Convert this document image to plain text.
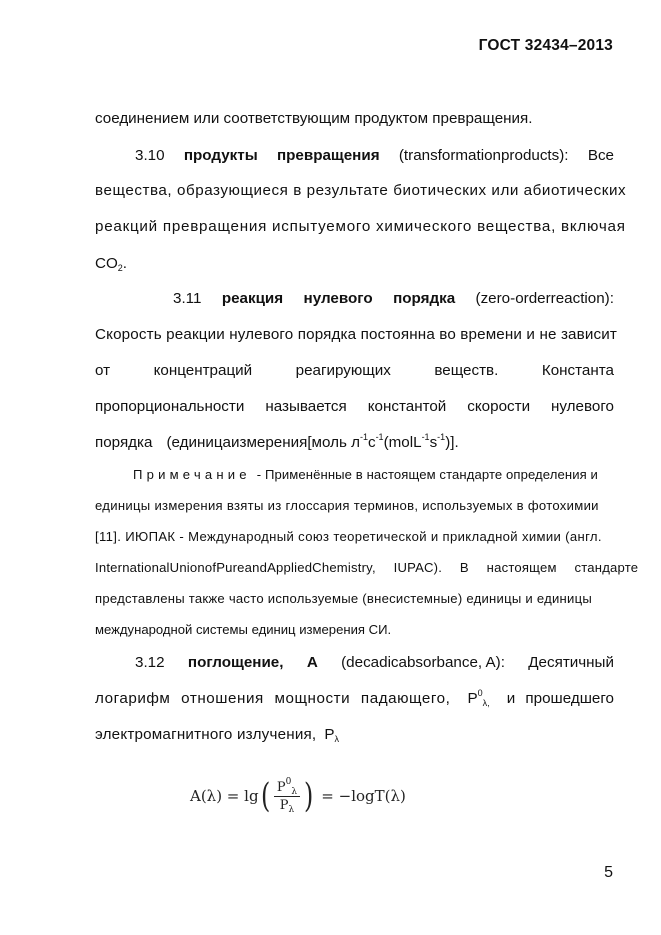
ГОСТ 32434–2013
соединением или соответствующим продуктом превращения.
3.10 продукты превращения (transformationproducts): Все
вещества, образующиеся в результате биотических или абиотических
реакций превращения испытуемого химического вещества, включая
$CO_2$.
3.11 реакция нулевого порядка (zero-orderreaction):
Скорость реакции нулевого порядка постоянна во времени и не зависит
от	концентраций	реагирующих	веществ.	Константа
пропорциональности называется константой скорости нулевого
порядка (единицаизмерения[моль $л^{-1}с^{-1}(molL^{-1}s^{-1})$].
Примечание - Применённые в настоящем стандарте определения и
единицы измерения взяты из глоссария терминов, используемых в фотохимии
[11]. ИЮПАК - Международный союз теоретической и прикладной химии (англ.
InternationalUnionofPureandAppliedChemistry, IUPAC). В настоящем стандарте
представлены также часто используемые (внесистемные) единицы и единицы
международной системы единиц измерения СИ.
3.12 поглощение, A (decadicabsorbance, A): Десятичный
логарифм отношения мощности падающего, $P^0_{\lambda,}$ и прошедшего
электромагнитного излучения, $P_\lambda$
A(λ) = lg ( $\frac{P^0_\lambda}{P_\lambda}$ ) = −logT(λ)
5
